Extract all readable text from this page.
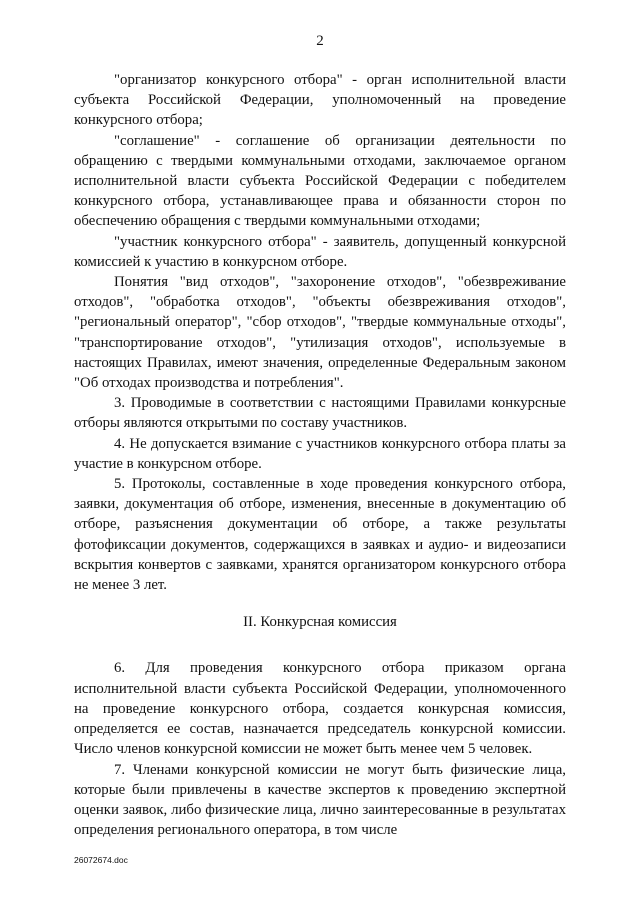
2

"организатор конкурсного отбора" - орган исполнительной власти субъекта Российской Федерации, уполномоченный на проведение конкурсного отбора;

"соглашение" - соглашение об организации деятельности по обращению с твердыми коммунальными отходами, заключаемое органом исполнительной власти субъекта Российской Федерации с победителем конкурсного отбора, устанавливающее права и обязанности сторон по обеспечению обращения с твердыми коммунальными отходами;

"участник конкурсного отбора" - заявитель, допущенный конкурсной комиссией к участию в конкурсном отборе.

Понятия "вид отходов", "захоронение отходов", "обезвреживание отходов", "обработка отходов", "объекты обезвреживания отходов", "региональный оператор", "сбор отходов", "твердые коммунальные отходы", "транспортирование отходов", "утилизация отходов", используемые в настоящих Правилах, имеют значения, определенные Федеральным законом "Об отходах производства и потребления".

3. Проводимые в соответствии с настоящими Правилами конкурсные отборы являются открытыми по составу участников.

4. Не допускается взимание с участников конкурсного отбора платы за участие в конкурсном отборе.

5. Протоколы, составленные в ходе проведения конкурсного отбора, заявки, документация об отборе, изменения, внесенные в документацию об отборе, разъяснения документации об отборе, а также результаты фотофиксации документов, содержащихся в заявках и аудио- и видеозаписи вскрытия конвертов с заявками, хранятся организатором конкурсного отбора не менее 3 лет.

II. Конкурсная комиссия

6. Для проведения конкурсного отбора приказом органа исполнительной власти субъекта Российской Федерации, уполномоченного на проведение конкурсного отбора, создается конкурсная комиссия, определяется ее состав, назначается председатель конкурсной комиссии. Число членов конкурсной комиссии не может быть менее чем 5 человек.

7. Членами конкурсной комиссии не могут быть физические лица, которые были привлечены в качестве экспертов к проведению экспертной оценки заявок, либо физические лица, лично заинтересованные в результатах определения регионального оператора, в том числе

26072674.doc
